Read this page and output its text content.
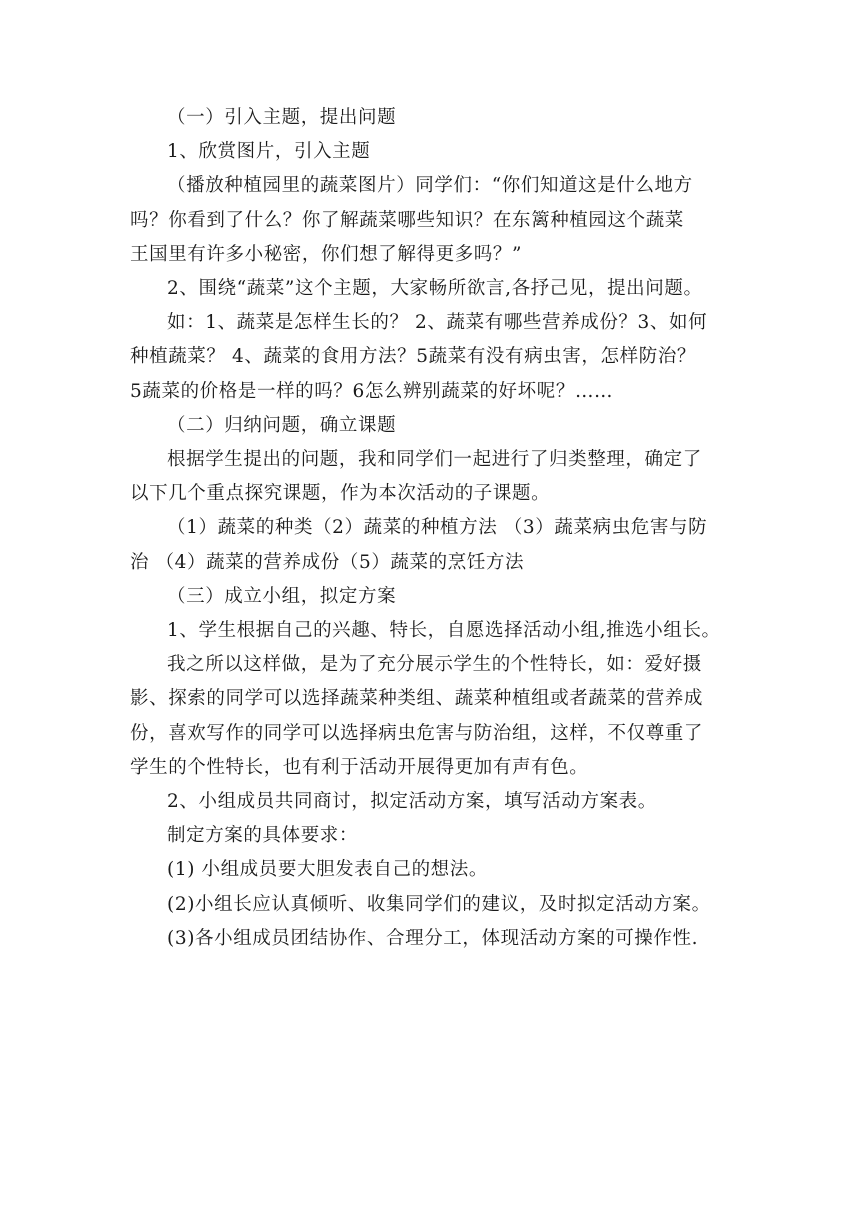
（一）引入主题，提出问题
1、欣赏图片，引入主题
（播放种植园里的蔬菜图片）同学们：“你们知道这是什么地方
吗？你看到了什么？你了解蔬菜哪些知识？在东篱种植园这个蔬菜
王国里有许多小秘密，你们想了解得更多吗？”
2、围绕“蔬菜”这个主题，大家畅所欲言,各抒己见，提出问题。
如：1、蔬菜是怎样生长的？ 2、蔬菜有哪些营养成份？3、如何
种植蔬菜？ 4、蔬菜的食用方法？5蔬菜有没有病虫害，怎样防治？
5蔬菜的价格是一样的吗？6怎么辨别蔬菜的好坏呢？……
（二）归纳问题，确立课题
根据学生提出的问题，我和同学们一起进行了归类整理，确定了
以下几个重点探究课题，作为本次活动的子课题。
（1）蔬菜的种类（2）蔬菜的种植方法 （3）蔬菜病虫危害与防
治 （4）蔬菜的营养成份（5）蔬菜的烹饪方法
（三）成立小组，拟定方案
1、学生根据自己的兴趣、特长，自愿选择活动小组,推选小组长。
我之所以这样做，是为了充分展示学生的个性特长，如：爱好摄
影、探索的同学可以选择蔬菜种类组、蔬菜种植组或者蔬菜的营养成
份，喜欢写作的同学可以选择病虫危害与防治组，这样，不仅尊重了
学生的个性特长，也有利于活动开展得更加有声有色。
2、小组成员共同商讨，拟定活动方案，填写活动方案表。
制定方案的具体要求：
(1) 小组成员要大胆发表自己的想法。
(2)小组长应认真倾听、收集同学们的建议，及时拟定活动方案。
(3)各小组成员团结协作、合理分工，体现活动方案的可操作性.
